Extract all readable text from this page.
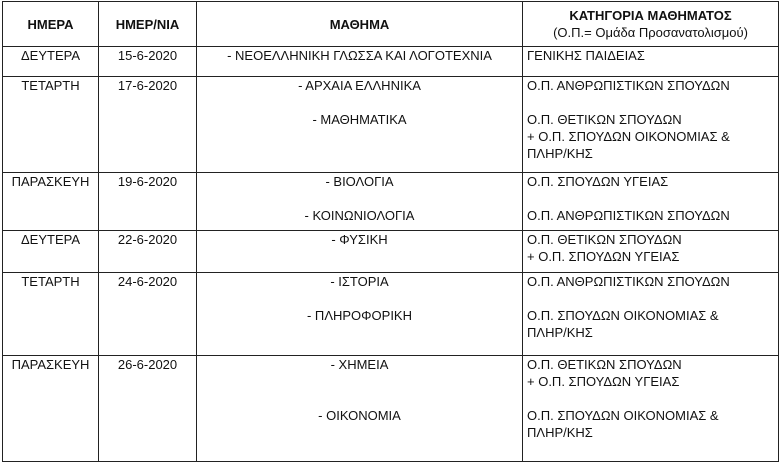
ΗΜΕΡΑ	ΗΜΕΡ/ΝΙΑ	ΜΑΘΗΜΑ	ΚΑΤΗΓΟΡΙΑ ΜΑΘΗΜΑΤΟΣ
(Ο.Π.= Ομάδα Προσανατολισμού)

ΔΕΥΤΕΡΑ	15-6-2020	- ΝΕΟΕΛΛΗΝΙΚΗ ΓΛΩΣΣΑ ΚΑΙ ΛΟΓΟΤΕΧΝΙΑ	ΓΕΝΙΚΗΣ ΠΑΙΔΕΙΑΣ

ΤΕΤΑΡΤΗ	17-6-2020	- ΑΡΧΑΙΑ ΕΛΛΗΝΙΚΑ
- ΜΑΘΗΜΑΤΙΚΑ	Ο.Π. ΑΝΘΡΩΠΙΣΤΙΚΩΝ ΣΠΟΥΔΩΝ
Ο.Π. ΘΕΤΙΚΩΝ ΣΠΟΥΔΩΝ
+ Ο.Π. ΣΠΟΥΔΩΝ ΟΙΚΟΝΟΜΙΑΣ &
ΠΛΗΡ/ΚΗΣ

ΠΑΡΑΣΚΕΥΗ	19-6-2020	- ΒΙΟΛΟΓΙΑ
- ΚΟΙΝΩΝΙΟΛΟΓΙΑ	Ο.Π. ΣΠΟΥΔΩΝ ΥΓΕΙΑΣ
Ο.Π. ΑΝΘΡΩΠΙΣΤΙΚΩΝ ΣΠΟΥΔΩΝ

ΔΕΥΤΕΡΑ	22-6-2020	- ΦΥΣΙΚΗ	Ο.Π. ΘΕΤΙΚΩΝ ΣΠΟΥΔΩΝ
+ Ο.Π. ΣΠΟΥΔΩΝ ΥΓΕΙΑΣ

ΤΕΤΑΡΤΗ	24-6-2020	- ΙΣΤΟΡΙΑ
- ΠΛΗΡΟΦΟΡΙΚΗ	Ο.Π. ΑΝΘΡΩΠΙΣΤΙΚΩΝ ΣΠΟΥΔΩΝ
Ο.Π. ΣΠΟΥΔΩΝ ΟΙΚΟΝΟΜΙΑΣ &
ΠΛΗΡ/ΚΗΣ

ΠΑΡΑΣΚΕΥΗ	26-6-2020	- ΧΗΜΕΙΑ
- ΟΙΚΟΝΟΜΙΑ	Ο.Π. ΘΕΤΙΚΩΝ ΣΠΟΥΔΩΝ
+ Ο.Π. ΣΠΟΥΔΩΝ ΥΓΕΙΑΣ
Ο.Π. ΣΠΟΥΔΩΝ ΟΙΚΟΝΟΜΙΑΣ &
ΠΛΗΡ/ΚΗΣ
